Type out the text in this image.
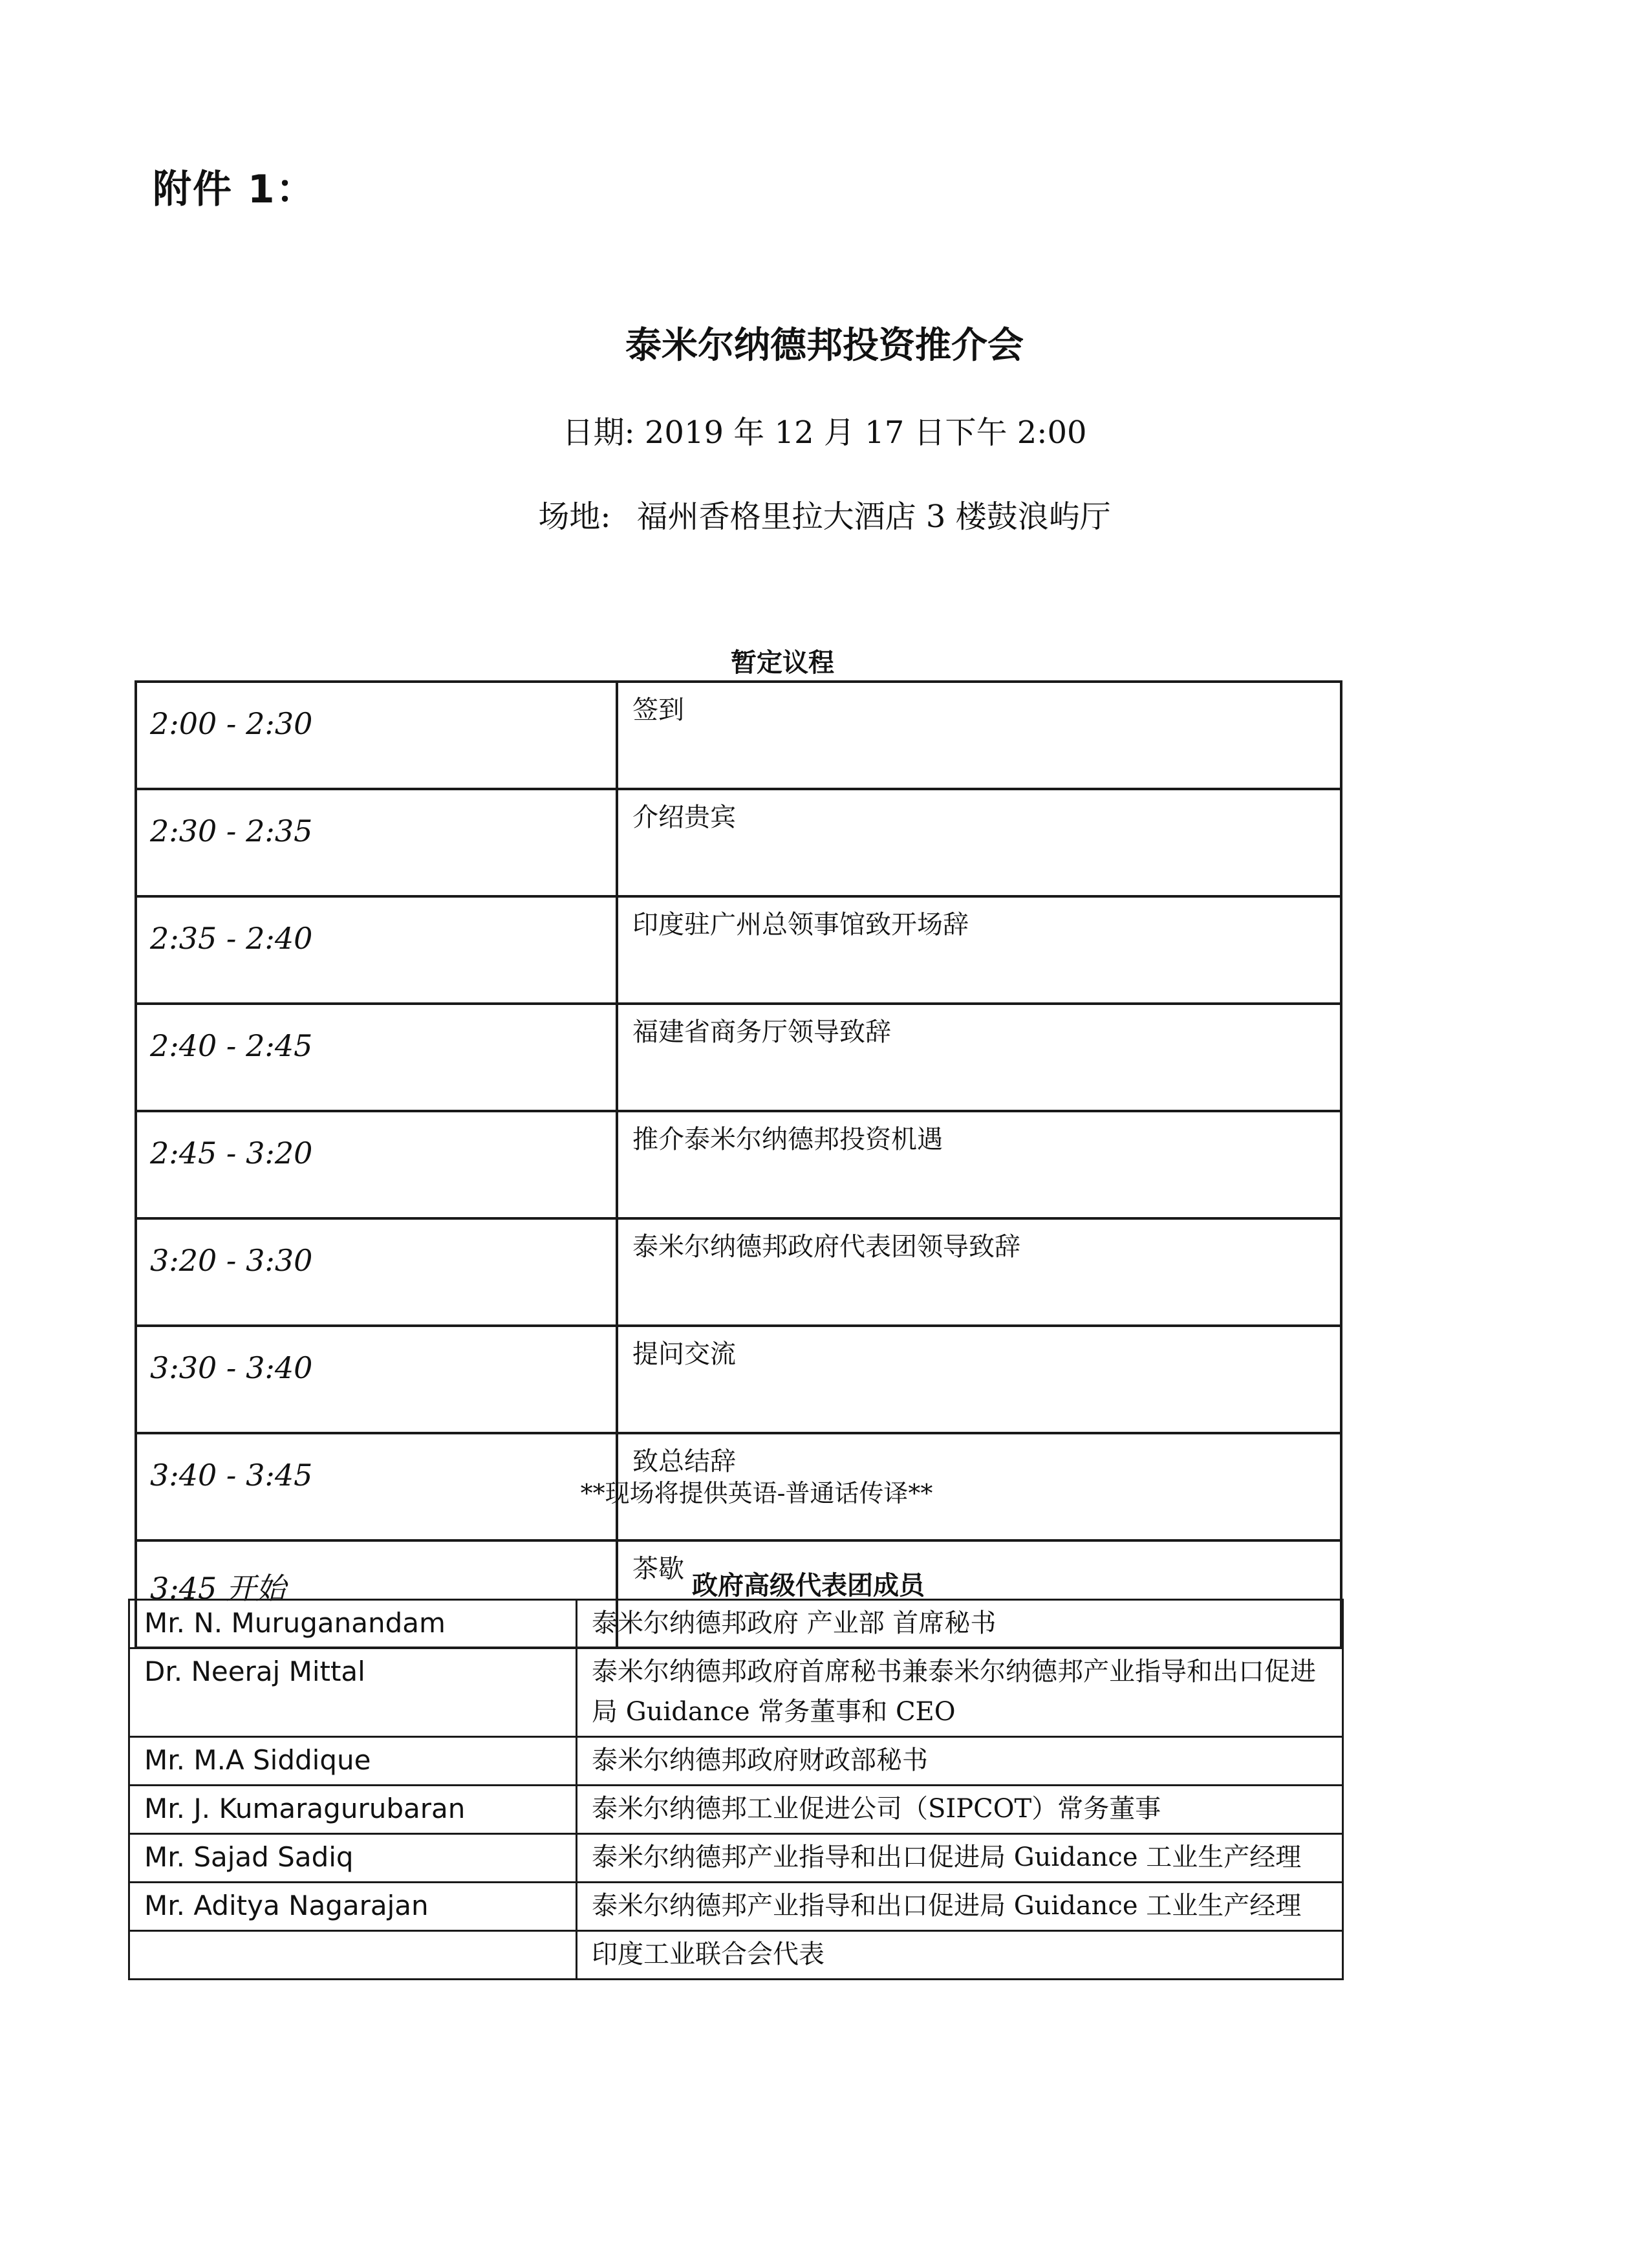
附件 1：
泰米尔纳德邦投资推介会
日期: 2019 年 12 月 17 日下午 2:00
场地: 福州香格里拉大酒店 3 楼鼓浪屿厅
暂定议程
2:00 - 2:30	签到
2:30 - 2:35	介绍贵宾
2:35 - 2:40	印度驻广州总领事馆致开场辞
2:40 - 2:45	福建省商务厅领导致辞
2:45 - 3:20	推介泰米尔纳德邦投资机遇
3:20 - 3:30	泰米尔纳德邦政府代表团领导致辞
3:30 - 3:40	提问交流
3:40 - 3:45	致总结辞
3:45 开始	茶歇
**现场将提供英语-普通话传译**
政府高级代表团成员
Mr. N. Muruganandam	泰米尔纳德邦政府 产业部 首席秘书
Dr. Neeraj Mittal	泰米尔纳德邦政府首席秘书兼泰米尔纳德邦产业指导和出口促进局 Guidance 常务董事和 CEO
Mr. M.A Siddique	泰米尔纳德邦政府财政部秘书
Mr. J. Kumaragurubaran	泰米尔纳德邦工业促进公司（SIPCOT）常务董事
Mr. Sajad Sadiq	泰米尔纳德邦产业指导和出口促进局 Guidance 工业生产经理
Mr. Aditya Nagarajan	泰米尔纳德邦产业指导和出口促进局 Guidance 工业生产经理
	印度工业联合会代表
